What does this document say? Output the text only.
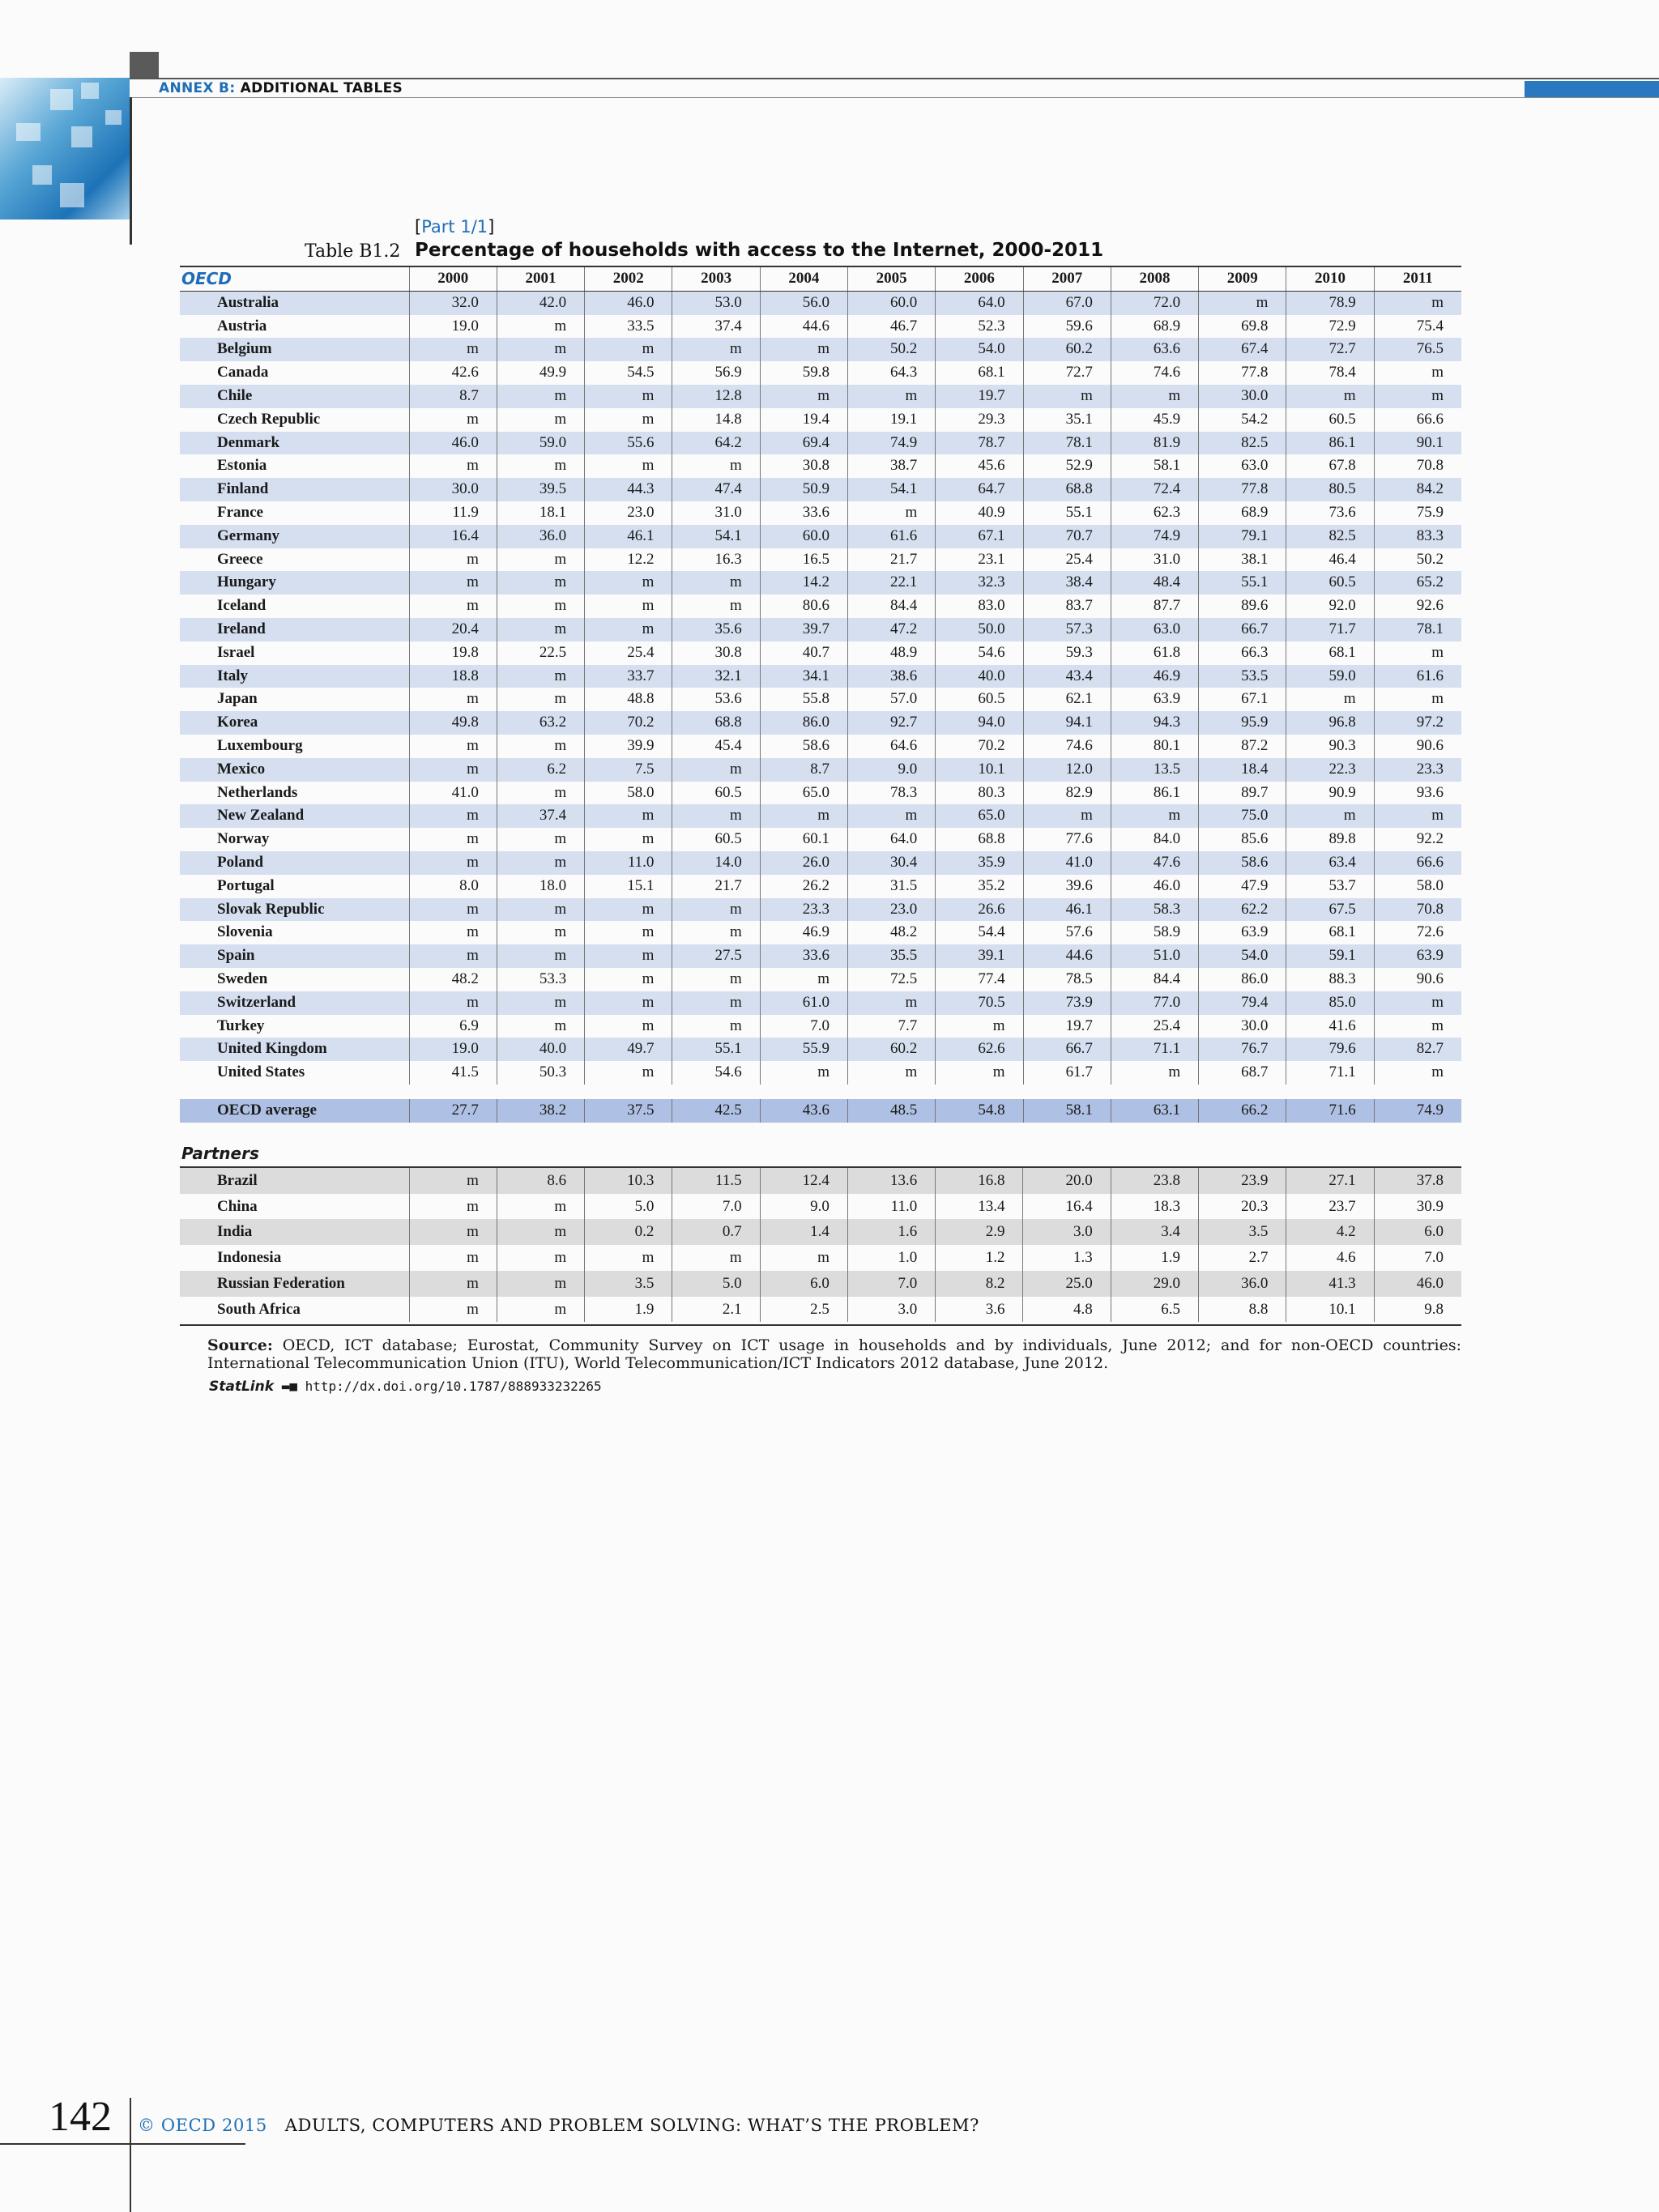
ANNEX B: ADDITIONAL TABLES
[Part 1/1]
Table B1.2 Percentage of households with access to the Internet, 2000-2011
OECD	2000	2001	2002	2003	2004	2005	2006	2007	2008	2009	2010	2011
Australia	32.0	42.0	46.0	53.0	56.0	60.0	64.0	67.0	72.0	m	78.9	m
Austria	19.0	m	33.5	37.4	44.6	46.7	52.3	59.6	68.9	69.8	72.9	75.4
Belgium	m	m	m	m	m	50.2	54.0	60.2	63.6	67.4	72.7	76.5
Canada	42.6	49.9	54.5	56.9	59.8	64.3	68.1	72.7	74.6	77.8	78.4	m
Chile	8.7	m	m	12.8	m	m	19.7	m	m	30.0	m	m
Czech Republic	m	m	m	14.8	19.4	19.1	29.3	35.1	45.9	54.2	60.5	66.6
Denmark	46.0	59.0	55.6	64.2	69.4	74.9	78.7	78.1	81.9	82.5	86.1	90.1
Estonia	m	m	m	m	30.8	38.7	45.6	52.9	58.1	63.0	67.8	70.8
Finland	30.0	39.5	44.3	47.4	50.9	54.1	64.7	68.8	72.4	77.8	80.5	84.2
France	11.9	18.1	23.0	31.0	33.6	m	40.9	55.1	62.3	68.9	73.6	75.9
Germany	16.4	36.0	46.1	54.1	60.0	61.6	67.1	70.7	74.9	79.1	82.5	83.3
Greece	m	m	12.2	16.3	16.5	21.7	23.1	25.4	31.0	38.1	46.4	50.2
Hungary	m	m	m	m	14.2	22.1	32.3	38.4	48.4	55.1	60.5	65.2
Iceland	m	m	m	m	80.6	84.4	83.0	83.7	87.7	89.6	92.0	92.6
Ireland	20.4	m	m	35.6	39.7	47.2	50.0	57.3	63.0	66.7	71.7	78.1
Israel	19.8	22.5	25.4	30.8	40.7	48.9	54.6	59.3	61.8	66.3	68.1	m
Italy	18.8	m	33.7	32.1	34.1	38.6	40.0	43.4	46.9	53.5	59.0	61.6
Japan	m	m	48.8	53.6	55.8	57.0	60.5	62.1	63.9	67.1	m	m
Korea	49.8	63.2	70.2	68.8	86.0	92.7	94.0	94.1	94.3	95.9	96.8	97.2
Luxembourg	m	m	39.9	45.4	58.6	64.6	70.2	74.6	80.1	87.2	90.3	90.6
Mexico	m	6.2	7.5	m	8.7	9.0	10.1	12.0	13.5	18.4	22.3	23.3
Netherlands	41.0	m	58.0	60.5	65.0	78.3	80.3	82.9	86.1	89.7	90.9	93.6
New Zealand	m	37.4	m	m	m	m	65.0	m	m	75.0	m	m
Norway	m	m	m	60.5	60.1	64.0	68.8	77.6	84.0	85.6	89.8	92.2
Poland	m	m	11.0	14.0	26.0	30.4	35.9	41.0	47.6	58.6	63.4	66.6
Portugal	8.0	18.0	15.1	21.7	26.2	31.5	35.2	39.6	46.0	47.9	53.7	58.0
Slovak Republic	m	m	m	m	23.3	23.0	26.6	46.1	58.3	62.2	67.5	70.8
Slovenia	m	m	m	m	46.9	48.2	54.4	57.6	58.9	63.9	68.1	72.6
Spain	m	m	m	27.5	33.6	35.5	39.1	44.6	51.0	54.0	59.1	63.9
Sweden	48.2	53.3	m	m	m	72.5	77.4	78.5	84.4	86.0	88.3	90.6
Switzerland	m	m	m	m	61.0	m	70.5	73.9	77.0	79.4	85.0	m
Turkey	6.9	m	m	m	7.0	7.7	m	19.7	25.4	30.0	41.6	m
United Kingdom	19.0	40.0	49.7	55.1	55.9	60.2	62.6	66.7	71.1	76.7	79.6	82.7
United States	41.5	50.3	m	54.6	m	m	m	61.7	m	68.7	71.1	m

OECD average	27.7	38.2	37.5	42.5	43.6	48.5	54.8	58.1	63.1	66.2	71.6	74.9
Partners
Brazil	m	8.6	10.3	11.5	12.4	13.6	16.8	20.0	23.8	23.9	27.1	37.8
China	m	m	5.0	7.0	9.0	11.0	13.4	16.4	18.3	20.3	23.7	30.9
India	m	m	0.2	0.7	1.4	1.6	2.9	3.0	3.4	3.5	4.2	6.0
Indonesia	m	m	m	m	m	1.0	1.2	1.3	1.9	2.7	4.6	7.0
Russian Federation	m	m	3.5	5.0	6.0	7.0	8.2	25.0	29.0	36.0	41.3	46.0
South Africa	m	m	1.9	2.1	2.5	3.0	3.6	4.8	6.5	8.8	10.1	9.8
Source: OECD, ICT database; Eurostat, Community Survey on ICT usage in households and by individuals, June 2012; and for non-OECD countries: International Telecommunication Union (ITU), World Telecommunication/ICT Indicators 2012 database, June 2012.
StatLink ▬■ http://dx.doi.org/10.1787/888933232265
142 © OECD 2015 ADULTS, COMPUTERS AND PROBLEM SOLVING: WHAT’S THE PROBLEM?
